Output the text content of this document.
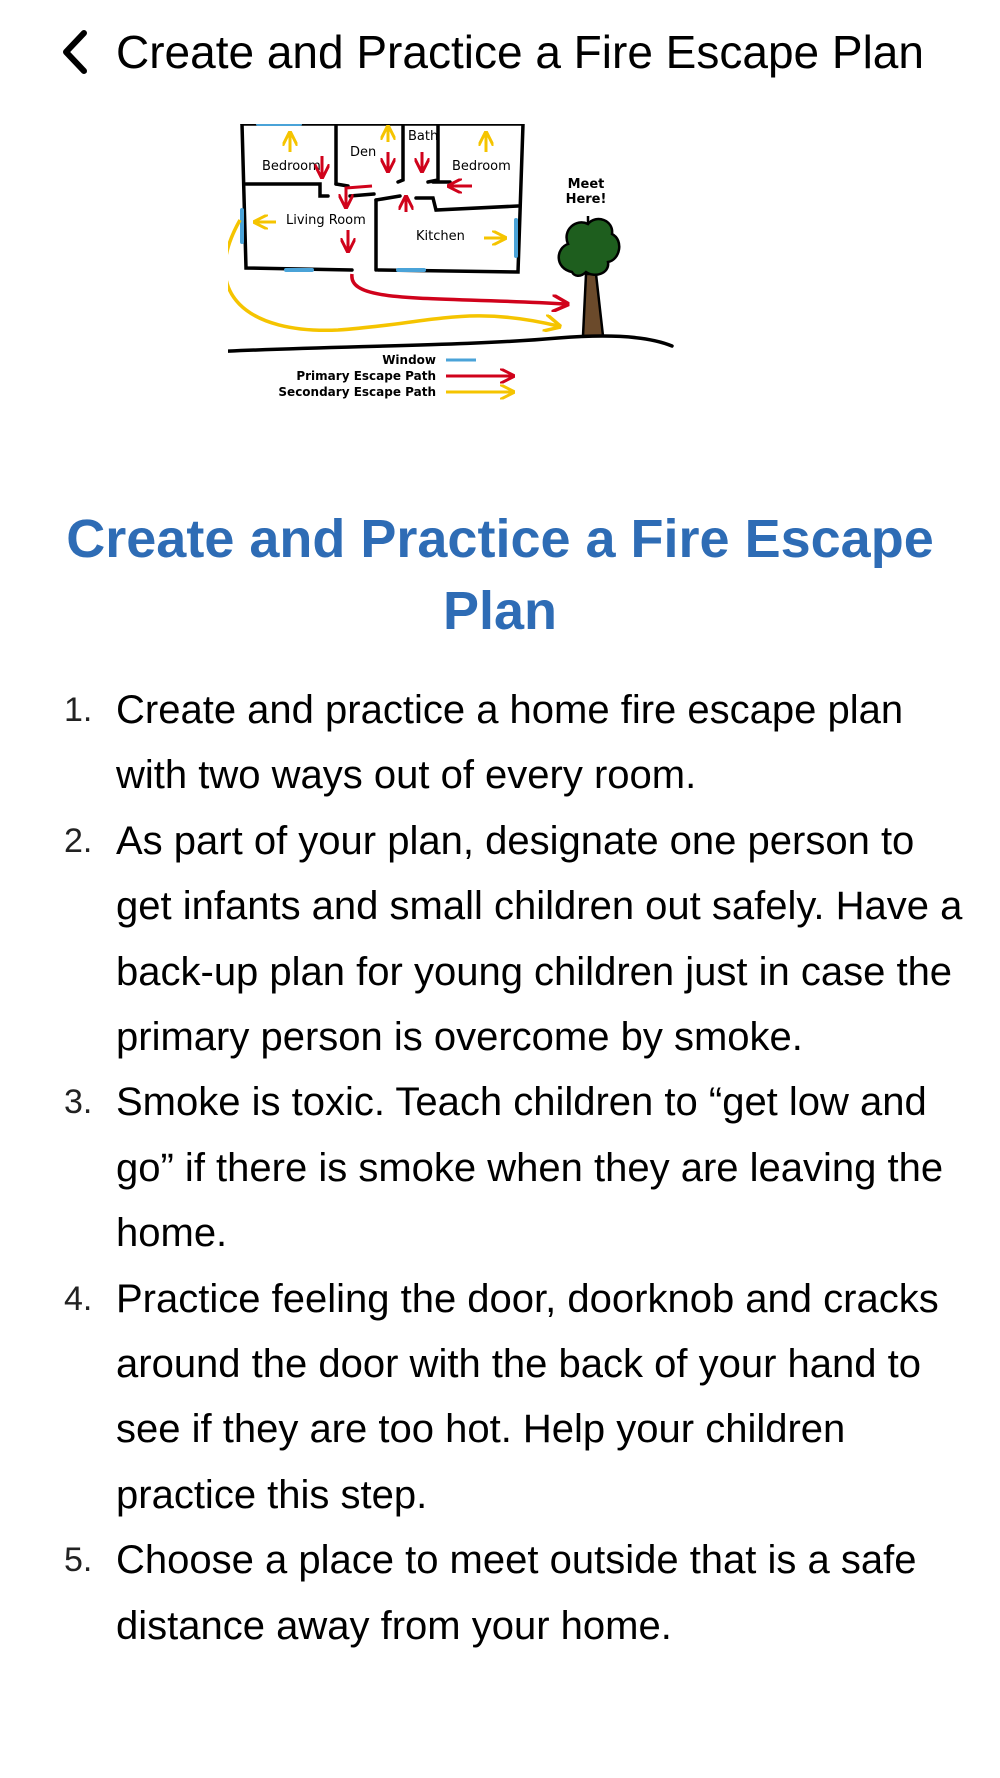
Create and Practice a Fire Escape Plan
Bedroom
Den
Bath
Bedroom
Living Room
Kitchen
Meet
Here!
Window
Primary Escape Path
Secondary Escape Path
Create and Practice a Fire Escape Plan
1. Create and practice a home fire escape plan with two ways out of every room.
2. As part of your plan, designate one person to get infants and small children out safely. Have a back-up plan for young children just in case the primary person is overcome by smoke.
3. Smoke is toxic. Teach children to “get low and go” if there is smoke when they are leaving the home.
4. Practice feeling the door, doorknob and cracks around the door with the back of your hand to see if they are too hot. Help your children practice this step.
5. Choose a place to meet outside that is a safe distance away from your home.
